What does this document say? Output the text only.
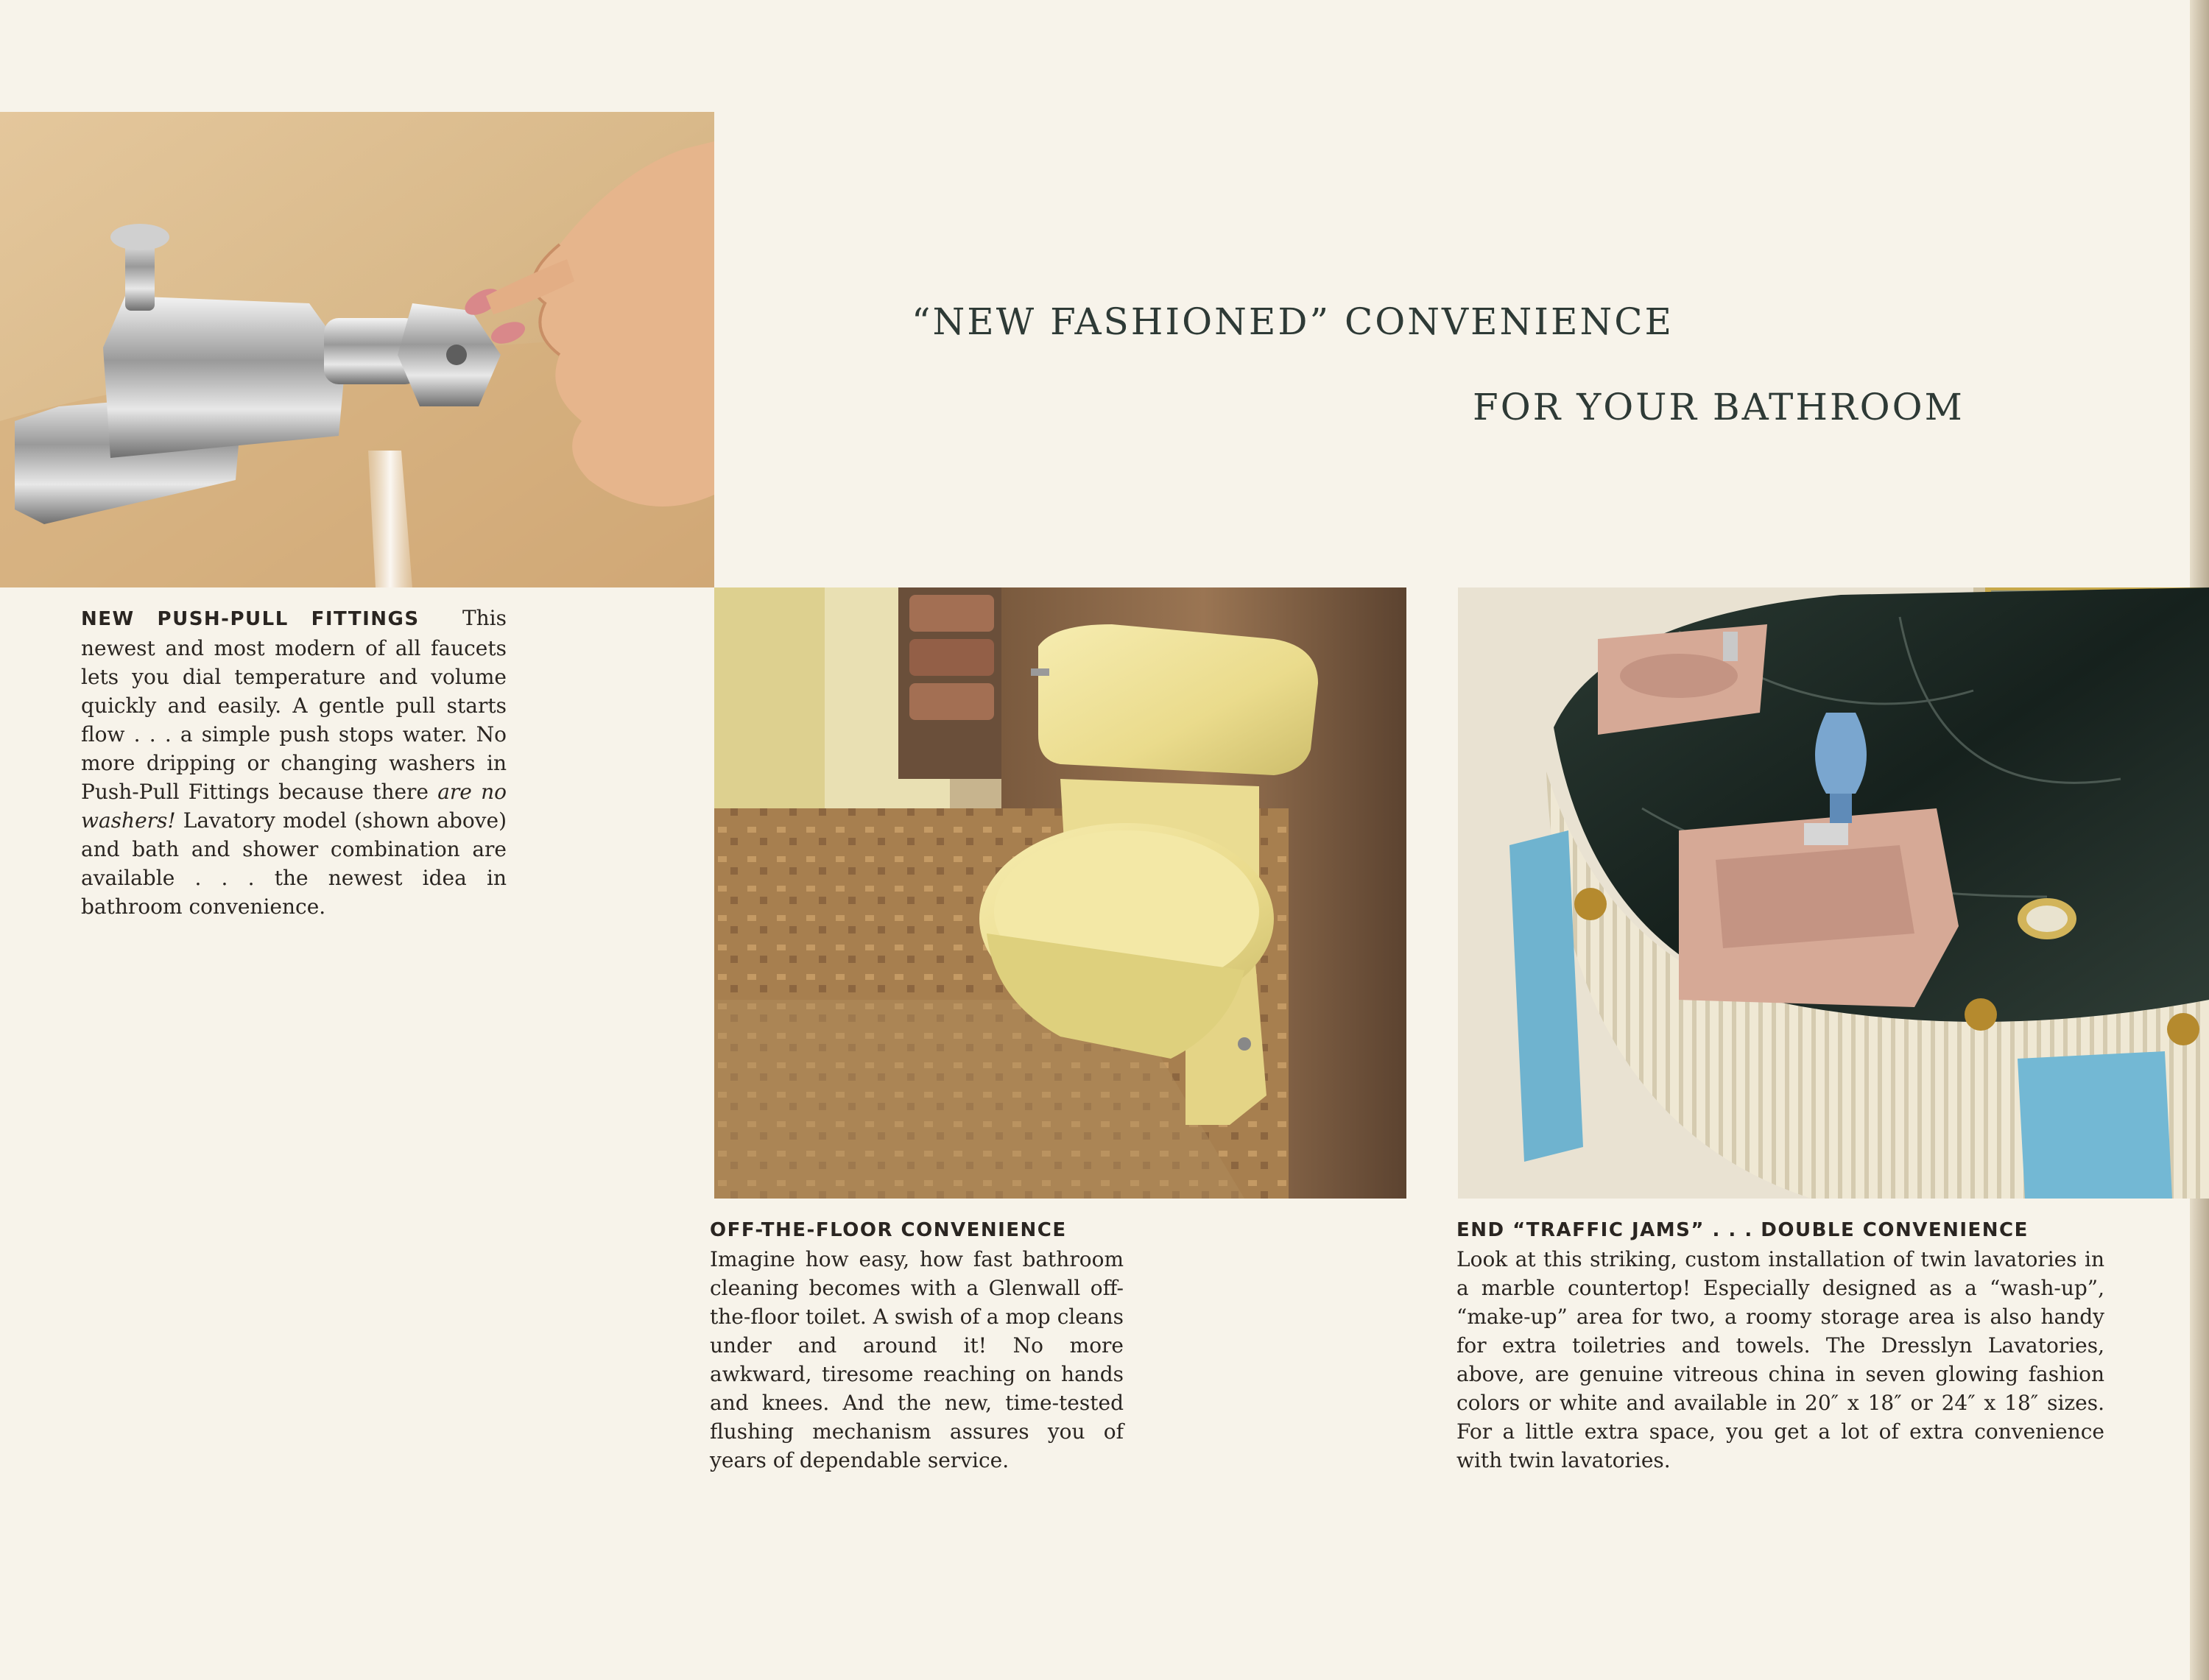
“NEW FASHIONED” CONVENIENCE
FOR YOUR BATHROOM
NEW PUSH-PULL FITTINGS This newest and most modern of all faucets lets you dial temperature and volume quickly and easily. A gentle pull starts flow . . . a simple push stops water. No more dripping or changing washers in Push-Pull Fittings because there are no washers! Lavatory model (shown above) and bath and shower combination are available . . . the newest idea in bathroom convenience.
OFF-THE-FLOOR CONVENIENCE
Imagine how easy, how fast bathroom cleaning becomes with a Glenwall off-the-floor toilet. A swish of a mop cleans under and around it! No more awkward, tiresome reaching on hands and knees. And the new, time-tested flushing mechanism assures you of years of dependable service.
END “TRAFFIC JAMS” . . . DOUBLE CONVENIENCE
Look at this striking, custom installation of twin lavatories in a marble countertop! Especially designed as a “wash-up”, “make-up” area for two, a roomy storage area is also handy for extra toiletries and towels. The Dresslyn Lavatories, above, are genuine vitreous china in seven glowing fashion colors or white and available in 20″ x 18″ or 24″ x 18″ sizes. For a little extra space, you get a lot of extra convenience with twin lavatories.
